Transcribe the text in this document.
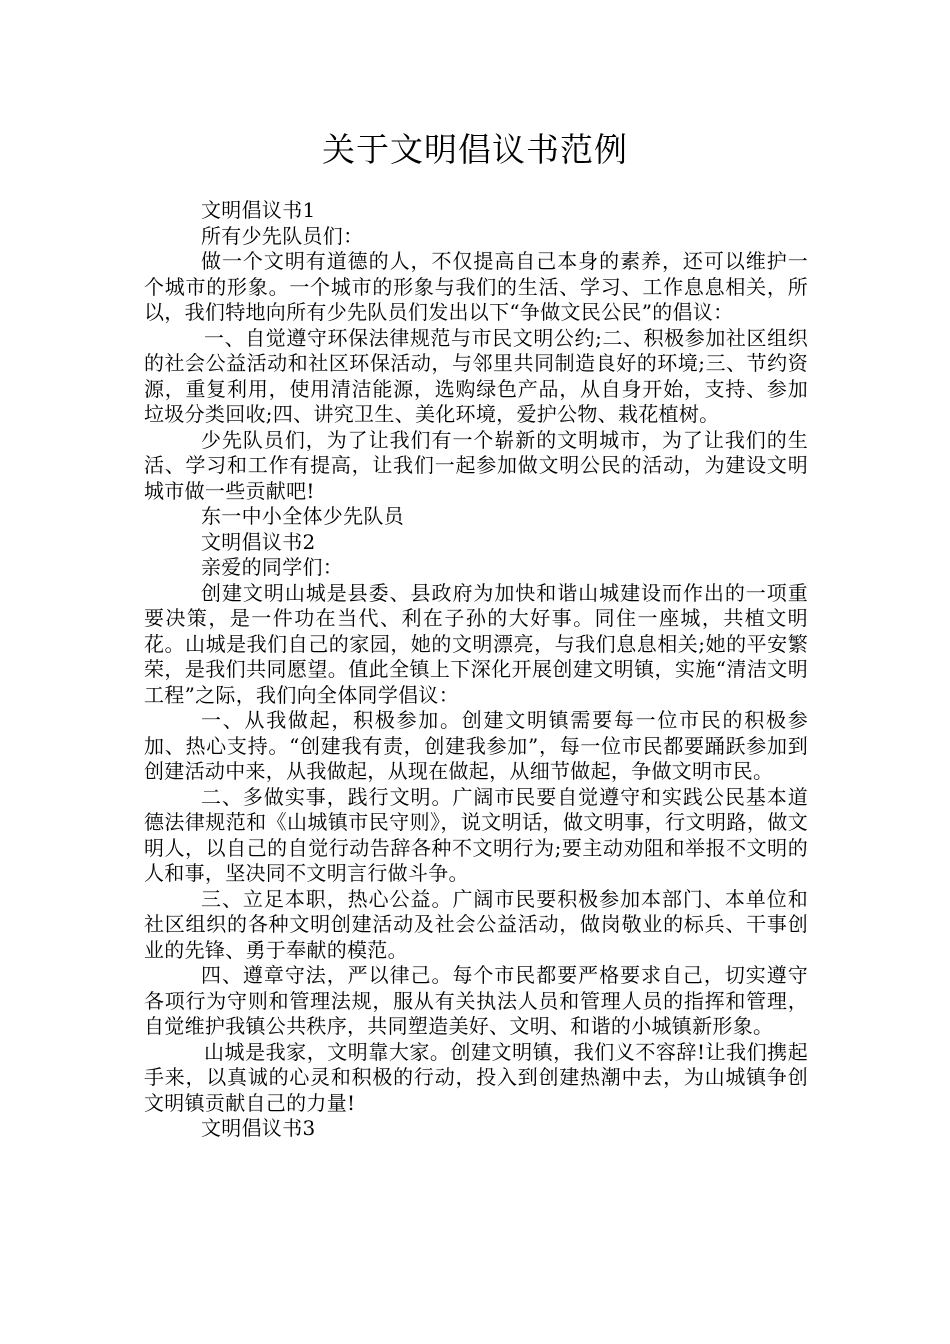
关于文明倡议书范例

文明倡议书1

所有少先队员们：

做一个文明有道德的人，不仅提高自己本身的素养，还可以维护一个城市的形象。一个城市的形象与我们的生活、学习、工作息息相关，所以，我们特地向所有少先队员们发出以下“争做文民公民”的倡议：

一、自觉遵守环保法律规范与市民文明公约;二、积极参加社区组织的社会公益活动和社区环保活动，与邻里共同制造良好的环境;三、节约资源，重复利用，使用清洁能源，选购绿色产品，从自身开始，支持、参加垃圾分类回收;四、讲究卫生、美化环境，爱护公物、栽花植树。

少先队员们，为了让我们有一个崭新的文明城市，为了让我们的生活、学习和工作有提高，让我们一起参加做文明公民的活动，为建设文明城市做一些贡献吧!

东一中小全体少先队员

文明倡议书2

亲爱的同学们：

创建文明山城是县委、县政府为加快和谐山城建设而作出的一项重要决策，是一件功在当代、利在子孙的大好事。同住一座城，共植文明花。山城是我们自己的家园，她的文明漂亮，与我们息息相关;她的平安繁荣，是我们共同愿望。值此全镇上下深化开展创建文明镇，实施“清洁文明工程”之际，我们向全体同学倡议：

一、从我做起，积极参加。创建文明镇需要每一位市民的积极参加、热心支持。“创建我有责，创建我参加”，每一位市民都要踊跃参加到创建活动中来，从我做起，从现在做起，从细节做起，争做文明市民。

二、多做实事，践行文明。广阔市民要自觉遵守和实践公民基本道德法律规范和《山城镇市民守则》，说文明话，做文明事，行文明路，做文明人，以自己的自觉行动告辞各种不文明行为;要主动劝阻和举报不文明的人和事，坚决同不文明言行做斗争。

三、立足本职，热心公益。广阔市民要积极参加本部门、本单位和社区组织的各种文明创建活动及社会公益活动，做岗敬业的标兵、干事创业的先锋、勇于奉献的模范。

四、遵章守法，严以律己。每个市民都要严格要求自己，切实遵守各项行为守则和管理法规，服从有关执法人员和管理人员的指挥和管理，自觉维护我镇公共秩序，共同塑造美好、文明、和谐的小城镇新形象。

山城是我家，文明靠大家。创建文明镇，我们义不容辞!让我们携起手来，以真诚的心灵和积极的行动，投入到创建热潮中去，为山城镇争创文明镇贡献自己的力量!

文明倡议书3
